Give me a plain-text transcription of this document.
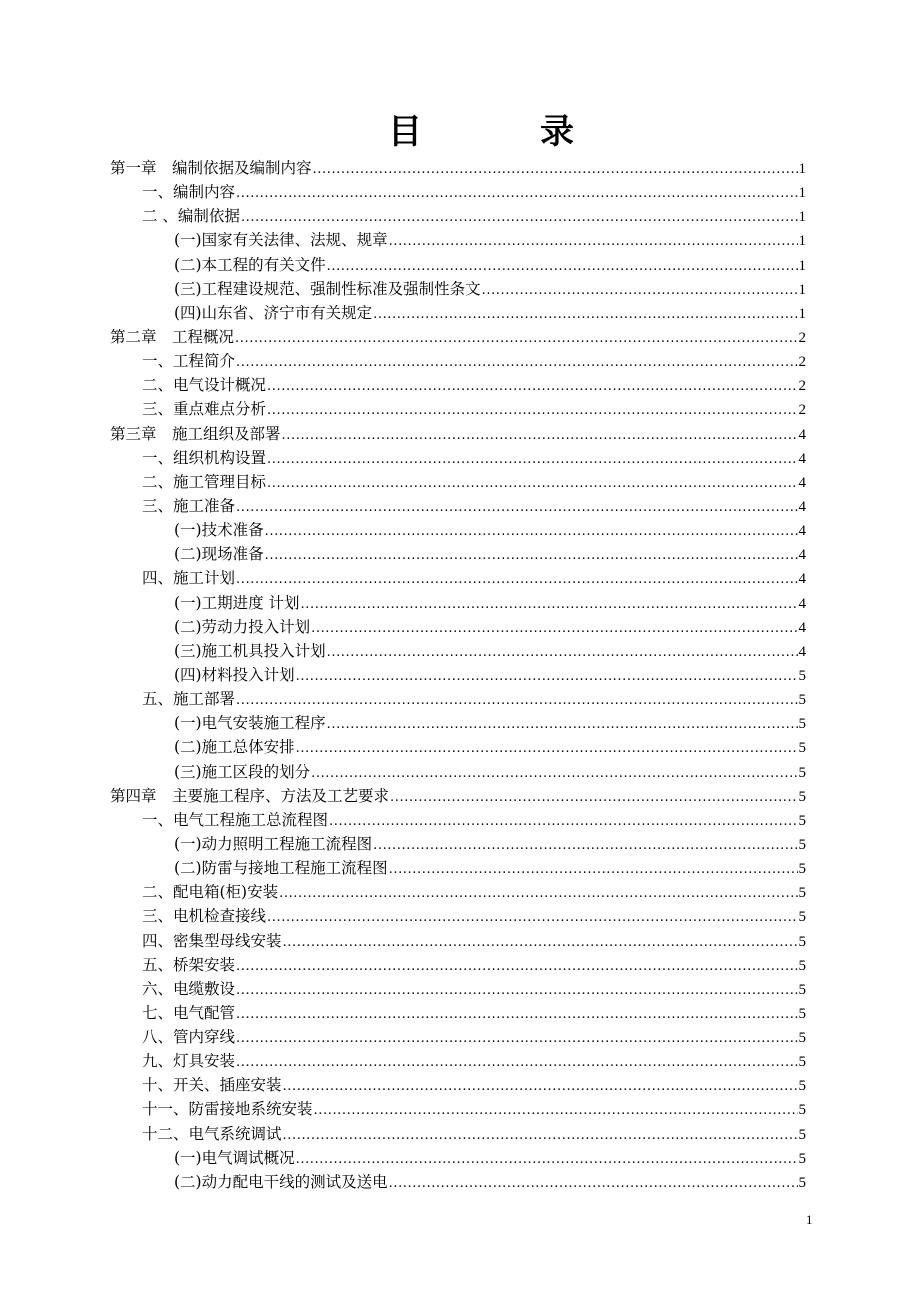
目	录
第一章　编制依据及编制内容 .....	1
一、编制内容 .....	1
二 、编制依据 .....	1
(一)国家有关法律、法规、规章 .....	1
(二)本工程的有关文件 .....	1
(三)工程建设规范、强制性标准及强制性条文 .....	1
(四)山东省、济宁市有关规定 .....	1
第二章　工程概况 .....	2
一、工程简介 .....	2
二、电气设计概况 .....	2
三、重点难点分析 .....	2
第三章　施工组织及部署 .....	4
一、组织机构设置 .....	4
二、施工管理目标 .....	4
三、施工准备 .....	4
(一)技术准备 .....	4
(二)现场准备 .....	4
四、施工计划 .....	4
(一)工期进度 计划 .....	4
(二)劳动力投入计划 .....	4
(三)施工机具投入计划 .....	4
(四)材料投入计划 .....	5
五、施工部署 .....	5
(一)电气安装施工程序 .....	5
(二)施工总体安排 .....	5
(三)施工区段的划分 .....	5
第四章　主要施工程序、方法及工艺要求 .....	5
一、电气工程施工总流程图 .....	5
(一)动力照明工程施工流程图 .....	5
(二)防雷与接地工程施工流程图 .....	5
二、配电箱(柜)安装 .....	5
三、电机检查接线 .....	5
四、密集型母线安装 .....	5
五、桥架安装 .....	5
六、电缆敷设 .....	5
七、电气配管 .....	5
八、管内穿线 .....	5
九、灯具安装 .....	5
十、开关、插座安装 .....	5
十一、防雷接地系统安装 .....	5
十二、电气系统调试 .....	5
(一)电气调试概况 .....	5
(二)动力配电干线的测试及送电 .....	5
1
